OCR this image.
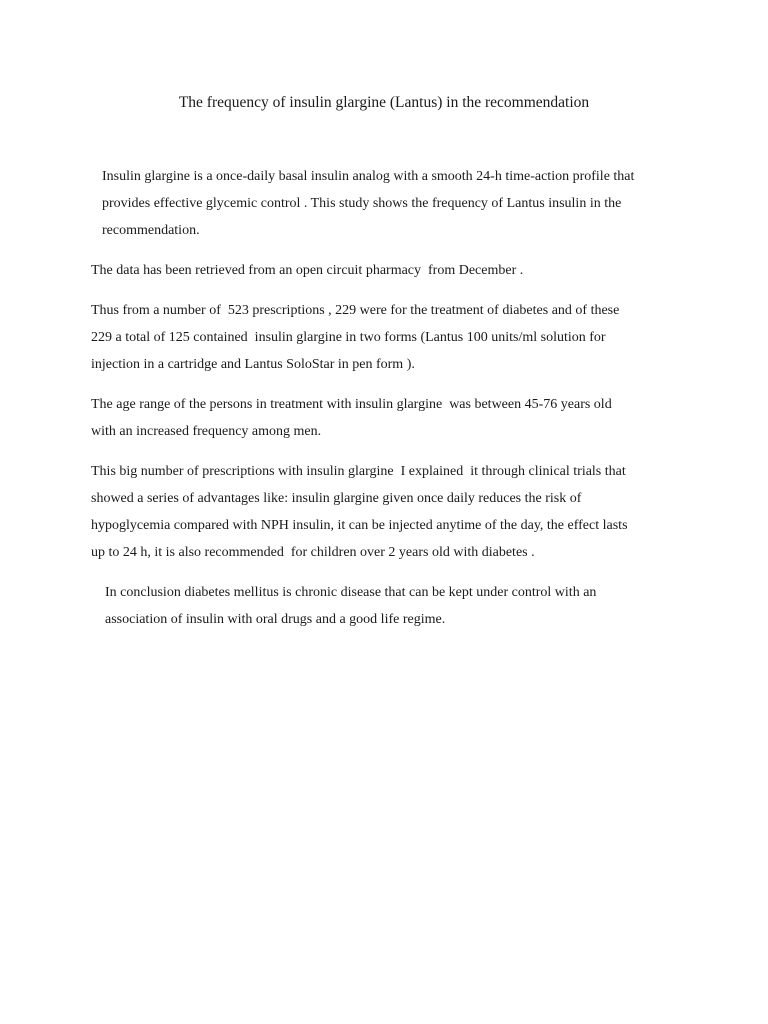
The frequency of insulin glargine (Lantus) in the recommendation

Insulin glargine is a once-daily basal insulin analog with a smooth 24-h time-action profile that
provides effective glycemic control . This study shows the frequency of Lantus insulin in the
recommendation.

The data has been retrieved from an open circuit pharmacy  from December .

Thus from a number of  523 prescriptions , 229 were for the treatment of diabetes and of these
229 a total of 125 contained  insulin glargine in two forms (Lantus 100 units/ml solution for
injection in a cartridge and Lantus SoloStar in pen form ).

The age range of the persons in treatment with insulin glargine  was between 45-76 years old
with an increased frequency among men.

This big number of prescriptions with insulin glargine  I explained  it through clinical trials that
showed a series of advantages like: insulin glargine given once daily reduces the risk of
hypoglycemia compared with NPH insulin, it can be injected anytime of the day, the effect lasts
up to 24 h, it is also recommended  for children over 2 years old with diabetes .

In conclusion diabetes mellitus is chronic disease that can be kept under control with an
association of insulin with oral drugs and a good life regime.
